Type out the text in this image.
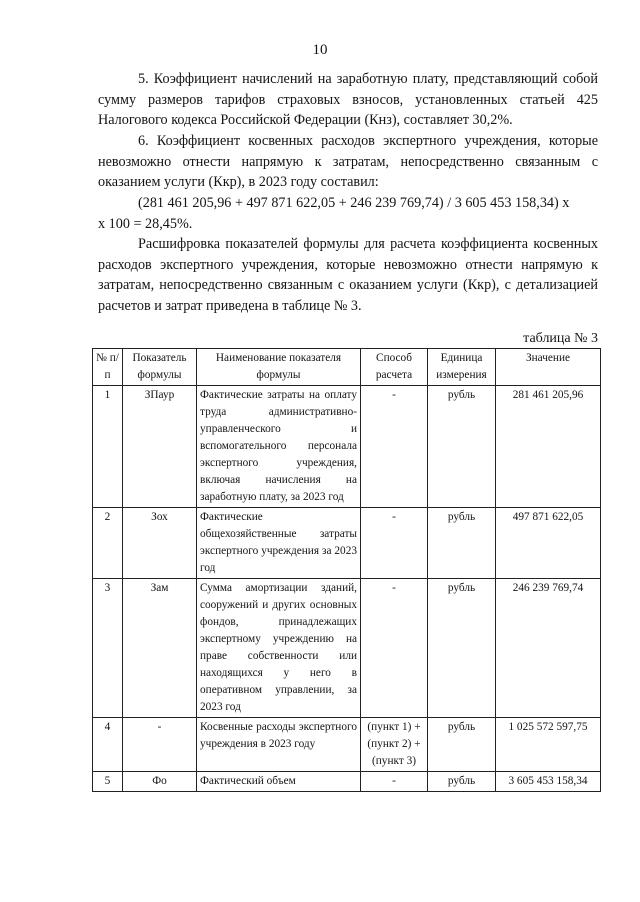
10

5. Коэффициент начислений на заработную плату, представляющий собой сумму размеров тарифов страховых взносов, установленных статьей 425 Налогового кодекса Российской Федерации (Кнз), составляет 30,2%.

6. Коэффициент косвенных расходов экспертного учреждения, которые невозможно отнести напрямую к затратам, непосредственно связанным с оказанием услуги (Ккр), в 2023 году составил:

(281 461 205,96 + 497 871 622,05 + 246 239 769,74) / 3 605 453 158,34) х
х 100 = 28,45%.

Расшифровка показателей формулы для расчета коэффициента косвенных расходов экспертного учреждения, которые невозможно отнести напрямую к затратам, непосредственно связанным с оказанием услуги (Ккр), с детализацией расчетов и затрат приведена в таблице № 3.

таблица № 3
№ п/п	Показатель формулы	Наименование показателя формулы	Способ расчета	Единица измерения	Значение
1	ЗПаур	Фактические затраты на оплату труда административно-управленческого и вспомогательного персонала экспертного учреждения, включая начисления на заработную плату, за 2023 год	-	рубль	281 461 205,96
2	Зох	Фактические общехозяйственные затраты экспертного учреждения за 2023 год	-	рубль	497 871 622,05
3	Зам	Сумма амортизации зданий, сооружений и других основных фондов, принадлежащих экспертному учреждению на праве собственности или находящихся у него в оперативном управлении, за 2023 год	-	рубль	246 239 769,74
4	-	Косвенные расходы экспертного учреждения в 2023 году	(пункт 1) + (пункт 2) + (пункт 3)	рубль	1 025 572 597,75
5	Фо	Фактический объем	-	рубль	3 605 453 158,34
